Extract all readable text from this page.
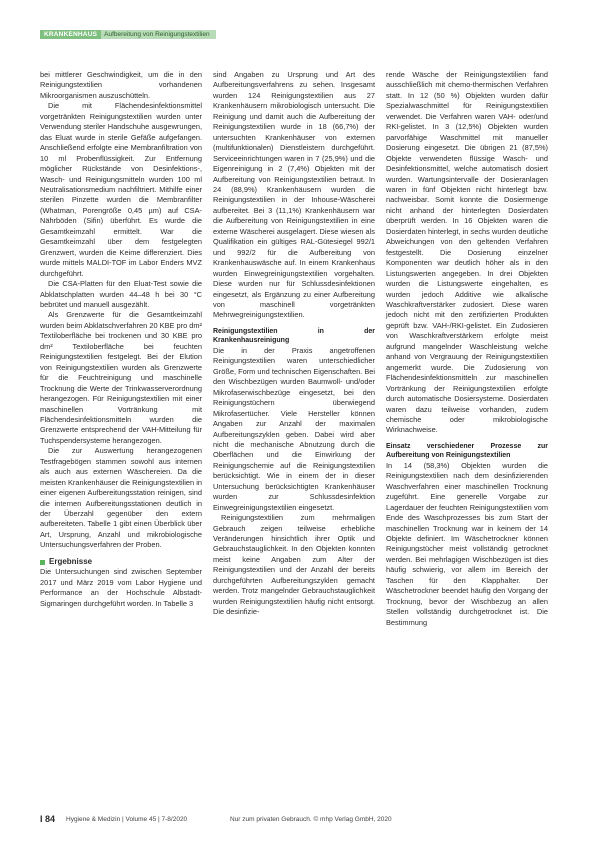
KRANKENHAUS	Aufbereitung von Reinigungstextilien

bei mittlerer Geschwindigkeit, um die in den Reinigungstextilien vorhandenen Mikroorganismen auszuschütteln.

Die mit Flächendesinfektionsmittel vorgetränkten Reinigungstextilien wurden unter Verwendung steriler Handschuhe ausgewrungen, das Eluat wurde in sterile Gefäße aufgefangen. Anschließend erfolgte eine Membranfiltration von 10 ml Probenflüssigkeit. Zur Entfernung möglicher Rückstände von Desinfektions-, Wasch- und Reinigungsmitteln wurden 100 ml Neutralisationsmedium nachfiltriert. Mithilfe einer sterilen Pinzette wurden die Membranfilter (Whatman, Porengröße 0,45 µm) auf CSA-Nährböden (Sifin) überführt. Es wurde die Gesamtkeimzahl ermittelt. War die Gesamtkeimzahl über dem festgelegten Grenzwert, wurden die Keime differenziert. Dies wurde mittels MALDI-TOF im Labor Enders MVZ durchgeführt.

Die CSA-Platten für den Eluat-Test sowie die Abklatschplatten wurden 44–48 h bei 30 °C bebrütet und manuell ausgezählt.

Als Grenzwerte für die Gesamtkeimzahl wurden beim Abklatschverfahren 20 KBE pro dm² Textiloberfläche bei trockenen und 30 KBE pro dm² Textiloberfläche bei feuchten Reinigungstextilien festgelegt. Bei der Elution von Reinigungstextilien wurden als Grenzwerte für die Feuchtreinigung und maschinelle Trocknung die Werte der Trinkwasserverordnung herangezogen. Für Reinigungstextilien mit einer maschinellen Vortränkung mit Flächendesinfektionsmitteln wurden die Grenzwerte entsprechend der VAH-Mitteilung für Tuchspendersysteme herangezogen.

Die zur Auswertung herangezogenen Testfragebögen stammen sowohl aus internen als auch aus externen Wäschereien. Da die meisten Krankenhäuser die Reinigungstextilien in einer eigenen Aufbereitungsstation reinigen, sind die internen Aufbereitungsstationen deutlich in der Überzahl gegenüber den extern aufbereiteten. Tabelle 1 gibt einen Überblick über Art, Ursprung, Anzahl und mikrobiologische Untersuchungsverfahren der Proben.

Ergebnisse

Die Untersuchungen sind zwischen September 2017 und März 2019 vom Labor Hygiene und Performance an der Hochschule Albstadt-Sigmaringen durchgeführt worden. In Tabelle 3

sind Angaben zu Ursprung und Art des Aufbereitungsverfahrens zu sehen. Insgesamt wurden 124 Reinigungstextilien aus 27 Krankenhäusern mikrobiologisch untersucht. Die Reinigung und damit auch die Aufbereitung der Reinigungstextilien wurde in 18 (66,7%) der untersuchten Krankenhäuser von externen (multifunktionalen) Dienstleistern durchgeführt. Serviceeinrichtungen waren in 7 (25,9%) und die Eigenreinigung in 2 (7,4%) Objekten mit der Aufbereitung von Reinigungstextilien betraut. In 24 (88,9%) Krankenhäusern wurden die Reinigungstextilien in der Inhouse-Wäscherei aufbereitet. Bei 3 (11,1%) Krankenhäusern war die Aufbereitung von Reinigungstextilien in eine externe Wäscherei ausgelagert. Diese wiesen als Qualifikation ein gültiges RAL-Gütesiegel 992/1 und 992/2 für die Aufbereitung von Krankenhauswäsche auf. In einem Krankenhaus wurden Einwegreinigungstextilien vorgehalten. Diese wurden nur für Schlussdesinfektionen eingesetzt, als Ergänzung zu einer Aufbereitung von maschinell vorgetränkten Mehrwegreinigungstextilien.

Reinigungstextilien in der Krankenhausreinigung

Die in der Praxis angetroffenen Reinigungstextilien waren unterschiedlicher Größe, Form und technischen Eigenschaften. Bei den Wischbezügen wurden Baumwoll- und/oder Mikrofaserwischbezüge eingesetzt, bei den Reinigungstüchern überwiegend Mikrofasertücher. Viele Hersteller können Angaben zur Anzahl der maximalen Aufbereitungszyklen geben. Dabei wird aber nicht die mechanische Abnutzung durch die Oberflächen und die Einwirkung der Reinigungschemie auf die Reinigungstextilien berücksichtigt. Wie in einem der in dieser Untersuchung berücksichtigten Krankenhäuser wurden zur Schlussdesinfektion Einwegreinigungstextilien eingesetzt.

Reinigungstextilien zum mehrmaligen Gebrauch zeigen teilweise erhebliche Veränderungen hinsichtlich ihrer Optik und Gebrauchstauglichkeit. In den Objekten konnten meist keine Angaben zum Alter der Reinigungstextilien und der Anzahl der bereits durchgeführten Aufbereitungszyklen gemacht werden. Trotz mangelnder Gebrauchstauglichkeit wurden Reinigungstextilien häufig nicht entsorgt. Die desinfizie-

rende Wäsche der Reinigungstextilien fand ausschließlich mit chemo-thermischen Verfahren statt. In 12 (50 %) Objekten wurden dafür Spezialwaschmittel für Reinigungstextilien verwendet. Die Verfahren waren VAH- oder/und RKI-gelistet. In 3 (12,5%) Objekten wurden parvorfähige Waschmittel mit manueller Dosierung eingesetzt. Die übrigen 21 (87,5%) Objekte verwendeten flüssige Wasch- und Desinfektionsmittel, welche automatisch dosiert wurden. Wartungsintervalle der Dosieranlagen waren in fünf Objekten nicht hinterlegt bzw. nachweisbar. Somit konnte die Dosiermenge nicht anhand der hinterlegten Dosierdaten überprüft werden. In 16 Objekten waren die Dosierdaten hinterlegt, in sechs wurden deutliche Abweichungen von den geltenden Verfahren festgestellt. Die Dosierung einzelner Komponenten war deutlich höher als in den Listungswerten angegeben. In drei Objekten wurden die Listungswerte eingehalten, es wurden jedoch Additive wie alkalische Waschkraftverstärker zudosiert. Diese waren jedoch nicht mit den zertifizierten Produkten geprüft bzw. VAH-/RKI-gelistet. Ein Zudosieren von Waschkraftverstärkern erfolgte meist aufgrund mangelnder Waschleistung welche anhand von Vergrauung der Reinigungstextilien angemerkt wurde. Die Zudosierung von Flächendesinfektionsmitteln zur maschinellen Vortränkung der Reinigungstextilien erfolgte durch automatische Dosiersysteme. Dosierdaten waren dazu teilweise vorhanden, zudem chemische oder mikrobiologische Wirknachweise.

Einsatz verschiedener Prozesse zur Aufbereitung von Reinigungstextilien

In 14 (58,3%) Objekten wurden die Reinigungstextilien nach dem desinfizierenden Waschverfahren einer maschinellen Trocknung zugeführt. Eine generelle Vorgabe zur Lagerdauer der feuchten Reinigungstextilien vom Ende des Waschprozesses bis zum Start der maschinellen Trocknung war in keinem der 14 Objekte definiert. Im Wäschetrockner können Reinigungstücher meist vollständig getrocknet werden. Bei mehrlagigen Wischbezügen ist dies häufig schwierig, vor allem im Bereich der Taschen für den Klapphalter. Der Wäschetrockner beendet häufig den Vorgang der Trocknung, bevor der Wischbezug an allen Stellen vollständig durchgetrocknet ist. Die Bestimmung

I 84 Hygiene & Medizin | Volume 45 | 7-8/2020	Nur zum privaten Gebrauch. © mhp Verlag GmbH, 2020
